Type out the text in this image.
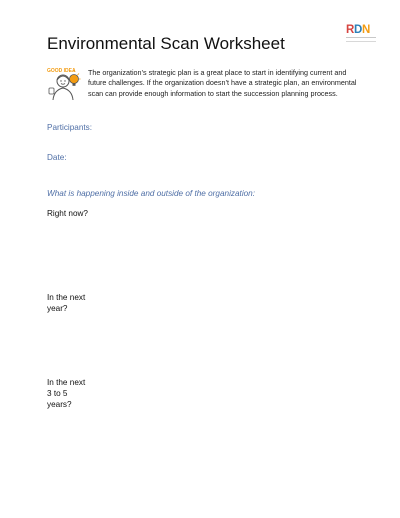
RDN
Environmental Scan Worksheet
GOOD IDEA The organization’s strategic plan is a great place to start in identifying current and future challenges. If the organization doesn’t have a strategic plan, an environmental scan can provide enough information to start the succession planning process.
Participants:
Date:
What is happening inside and outside of the organization:
Right now?
In the next
year?
In the next
3 to 5
years?
